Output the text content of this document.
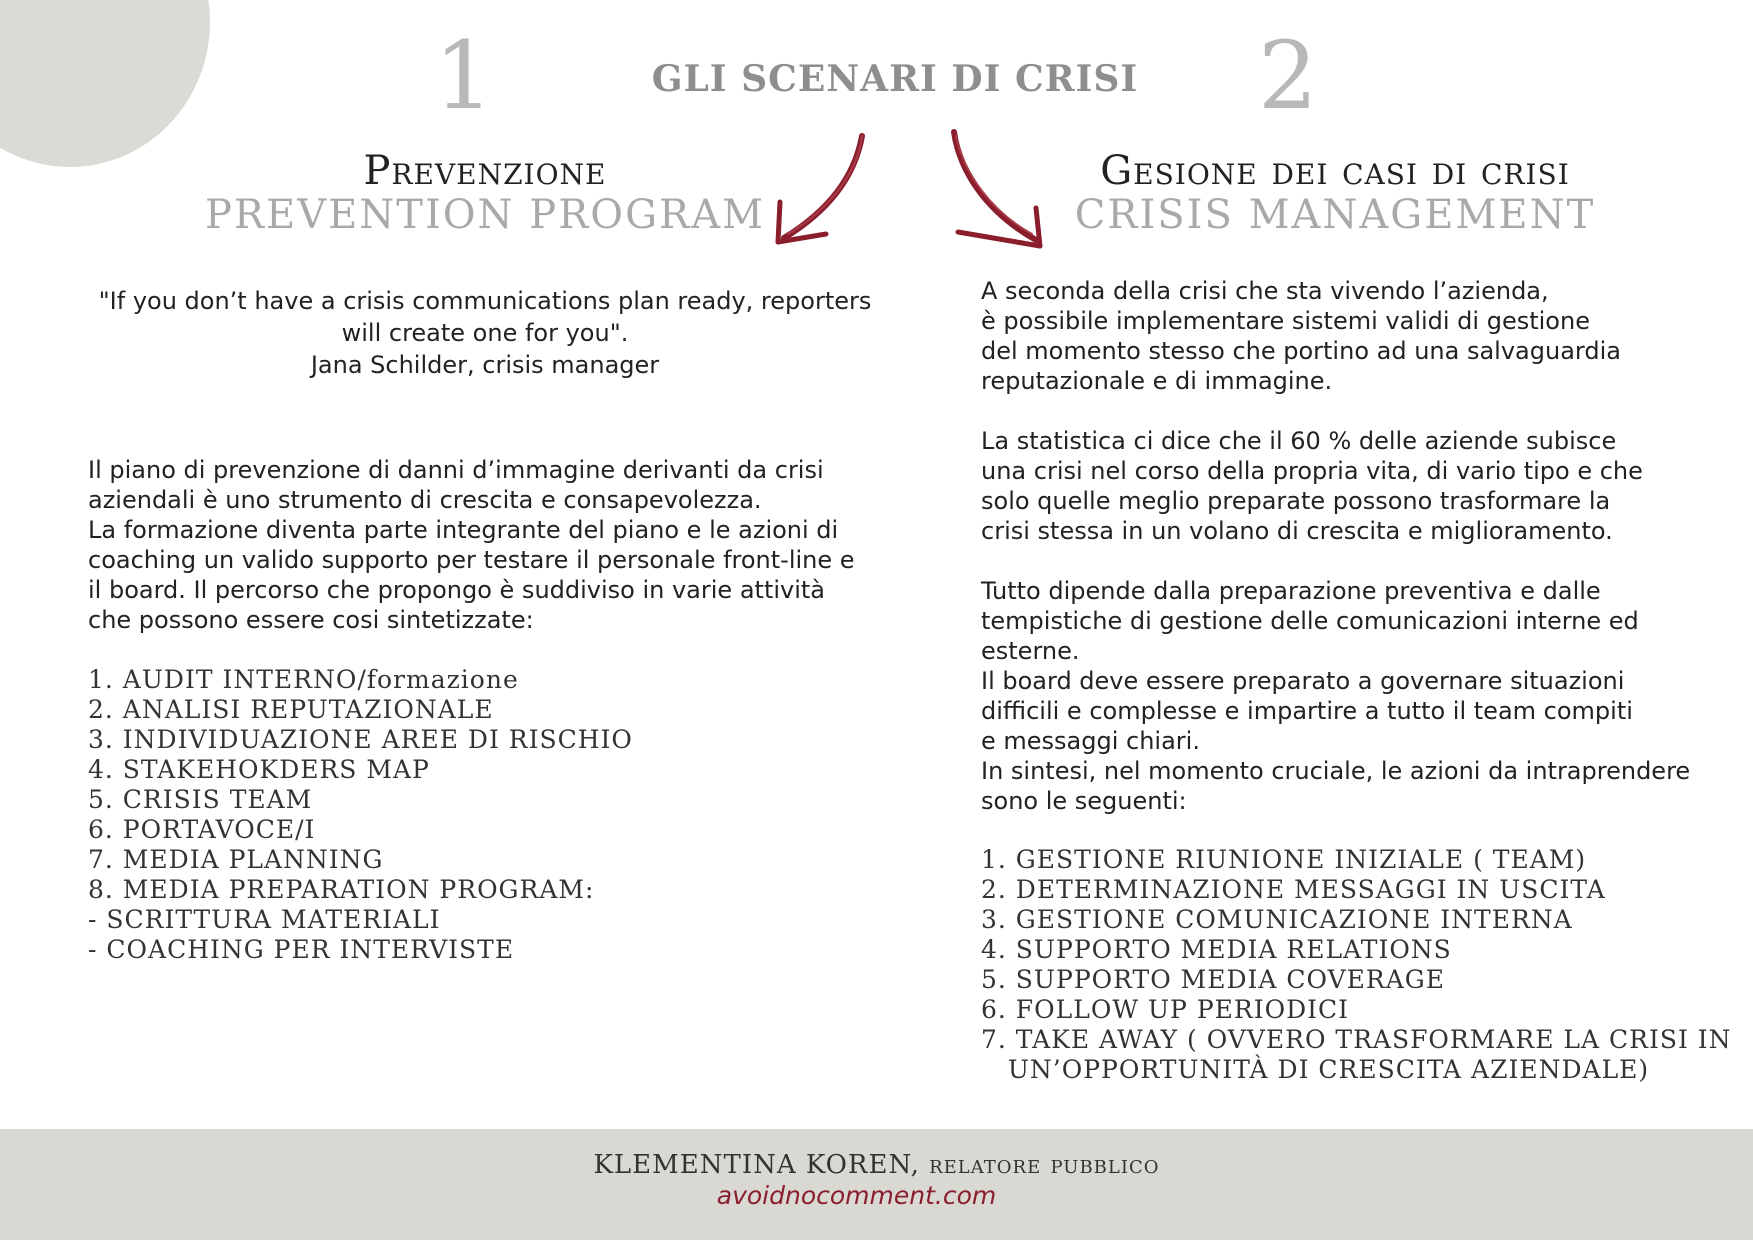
1	GLI SCENARI DI CRISI	2
Prevenzione
PREVENTION PROGRAM
Gesione dei casi di crisi
CRISIS MANAGEMENT
"If you don’t have a crisis communications plan ready, reporters
will create one for you".
Jana Schilder, crisis manager

Il piano di prevenzione di danni d’immagine derivanti da crisi

aziendali è uno strumento di crescita e consapevolezza.

La formazione diventa parte integrante del piano e le azioni di

coaching un valido supporto per testare il personale front-line e

il board. Il percorso che propongo è suddiviso in varie attività

che possono essere cosi sintetizzate:

1. AUDIT INTERNO/formazione
2. ANALISI REPUTAZIONALE
3. INDIVIDUAZIONE AREE DI RISCHIO
4. STAKEHOKDERS MAP
5. CRISIS TEAM
6. PORTAVOCE/I
7. MEDIA PLANNING
8. MEDIA PREPARATION PROGRAM:
- SCRITTURA MATERIALI
- COACHING PER INTERVISTE

A seconda della crisi che sta vivendo l’azienda,

è possibile implementare sistemi validi di gestione

del momento stesso che portino ad una salvaguardia

reputazionale e di immagine.

La statistica ci dice che il 60 % delle aziende subisce

una crisi nel corso della propria vita, di vario tipo e che

solo quelle meglio preparate possono trasformare la

crisi stessa in un volano di crescita e miglioramento.

Tutto dipende dalla preparazione preventiva e dalle

tempistiche di gestione delle comunicazioni interne ed

esterne.

Il board deve essere preparato a governare situazioni

difficili e complesse e impartire a tutto il team compiti

e messaggi chiari.

In sintesi, nel momento cruciale, le azioni da intraprendere

sono le seguenti:

1. GESTIONE RIUNIONE INIZIALE ( TEAM)
2. DETERMINAZIONE MESSAGGI IN USCITA
3. GESTIONE COMUNICAZIONE INTERNA
4. SUPPORTO MEDIA RELATIONS
5. SUPPORTO MEDIA COVERAGE
6. FOLLOW UP PERIODICI
7. TAKE AWAY ( OVVERO TRASFORMARE LA CRISI IN
UN’OPPORTUNITÀ DI CRESCITA AZIENDALE)
KLEMENTINA KOREN, relatore pubblico
avoidnocomment.com
